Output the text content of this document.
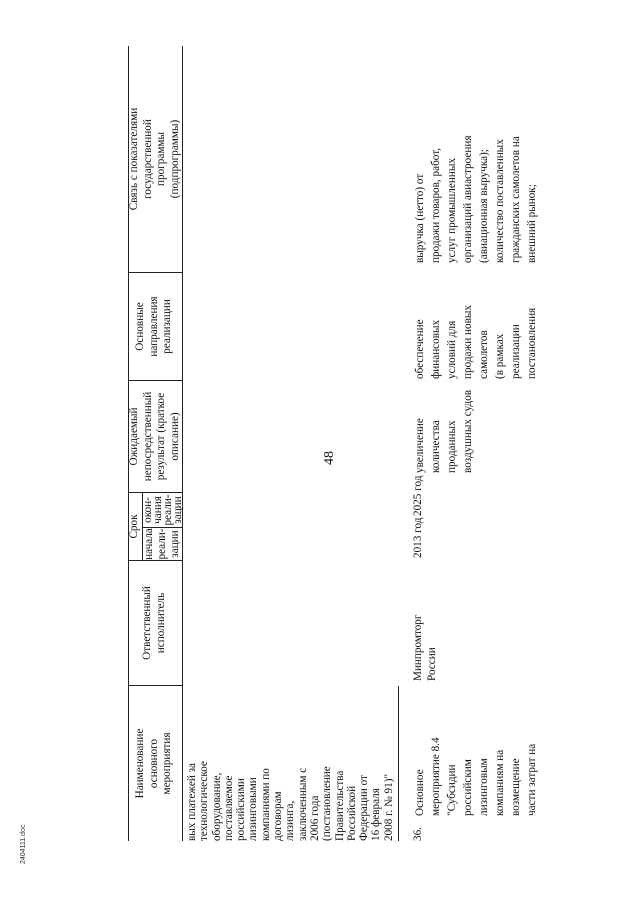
48
Наименование основного мероприятия
Ответственный исполнитель
Срок
начала реали- зации
окон-
чания
реали-
зации
Ожидаемый непосредственный результат (краткое описание)
Основные направления реализации
Связь с показателями государственной программы (подпрограммы)
вых платежей за технологическое оборудование, поставляемое российскими лизинговыми компаниями по договорам лизинга, заключенным с 2006 года (постановление Правительства Российской Федерации от 16 февраля 2008 г. № 91)" 36.
Основное мероприятие 8.4 "Субсидии российским лизинговым компаниям на возмещение части затрат на
Минпромторг России
2013 год
2025 год
увеличение количества проданных воздушных судов
обеспечение финансовых условий для продажи новых самолетов (в рамках реализации постановления
выручка (нетто) от продажи товаров, работ, услуг промышленных организаций авиастроения (авиационная выручка); количество поставленных гражданских самолетов на внешний рынок;
2404111.doc
